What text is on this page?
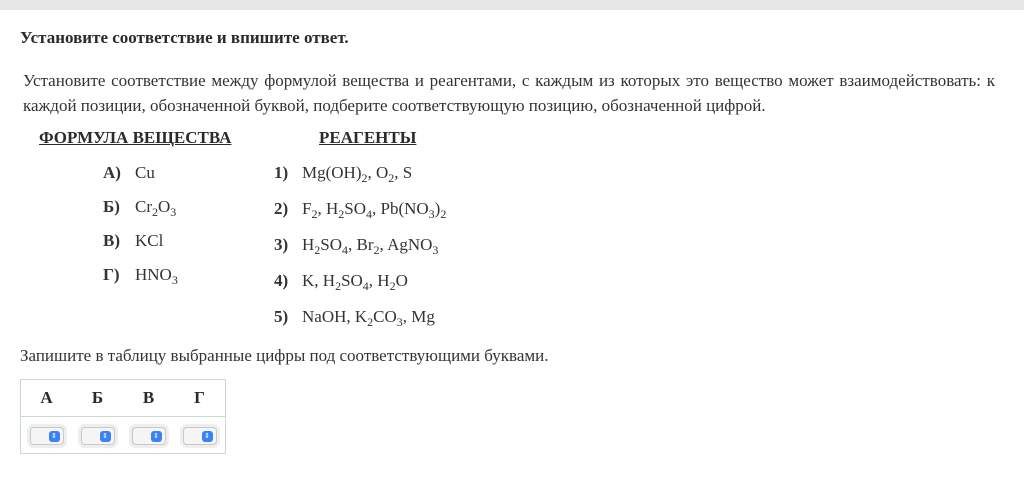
Установите соответствие и впишите ответ.
Установите соответствие между формулой вещества и реагентами, с каждым из которых это вещество может взаимодействовать: к каждой позиции, обозначенной буквой, подберите соответствующую позицию, обозначенной цифрой.
ФОРМУЛА ВЕЩЕСТВА	РЕАГЕНТЫ
А) Cu
Б) $Cr_2O_3$
В) KCl
Г) $HNO_3$
1) $Mg(OH)_2$, $O_2$, S
2) $F_2$, $H_2SO_4$, $Pb(NO_3)_2$
3) $H_2SO_4$, $Br_2$, AgNO$_3$
4) K, $H_2SO_4$, $H_2O$
5) NaOH, $K_2CO_3$, Mg
Запишите в таблицу выбранные цифры под соответствующими буквами.
А	Б	В	Г
⇕	⇕	⇕	⇕
